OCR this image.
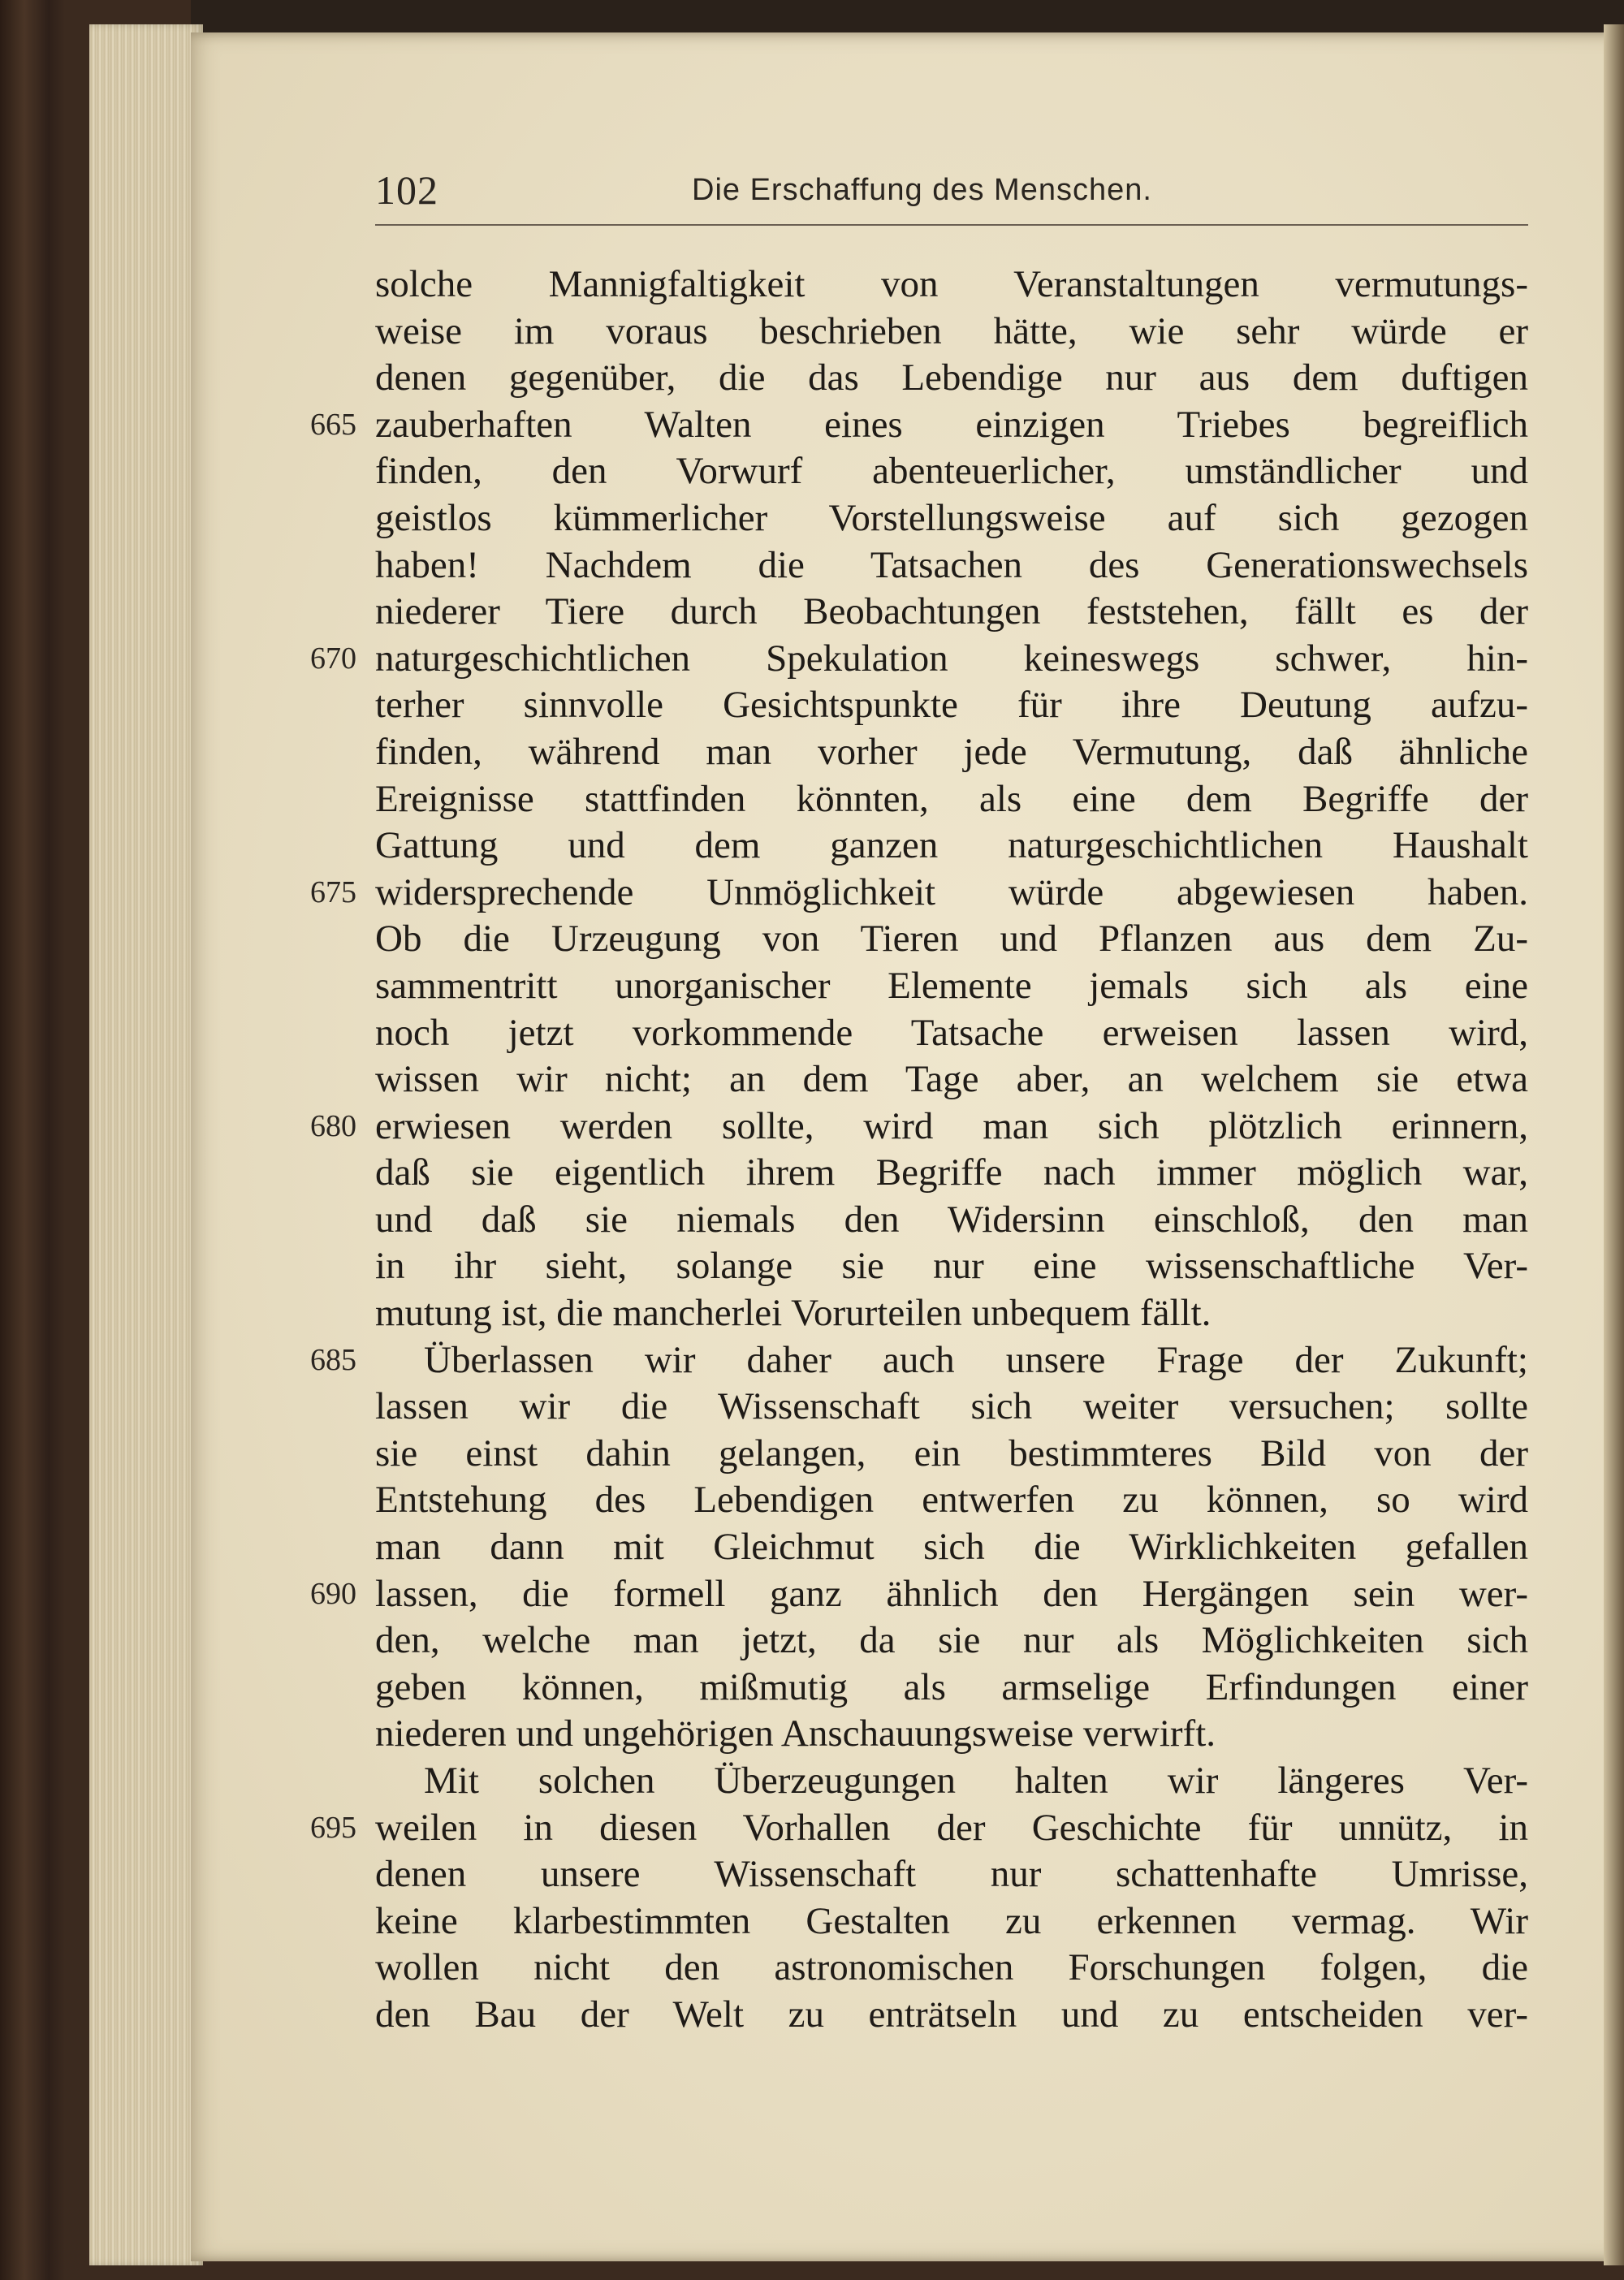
102	Die Erschaffung des Menschen.
solche Mannigfaltigkeit von Veranstaltungen vermutungs-
weise im voraus beschrieben hätte, wie sehr würde er
denen gegenüber, die das Lebendige nur aus dem duftigen
665 zauberhaften Walten eines einzigen Triebes begreiflich
finden, den Vorwurf abenteuerlicher, umständlicher und
geistlos kümmerlicher Vorstellungsweise auf sich gezogen
haben! Nachdem die Tatsachen des Generationswechsels
niederer Tiere durch Beobachtungen feststehen, fällt es der
670 naturgeschichtlichen Spekulation keineswegs schwer, hin-
terher sinnvolle Gesichtspunkte für ihre Deutung aufzu-
finden, während man vorher jede Vermutung, daß ähnliche
Ereignisse stattfinden könnten, als eine dem Begriffe der
Gattung und dem ganzen naturgeschichtlichen Haushalt
675 widersprechende Unmöglichkeit würde abgewiesen haben.
Ob die Urzeugung von Tieren und Pflanzen aus dem Zu-
sammentritt unorganischer Elemente jemals sich als eine
noch jetzt vorkommende Tatsache erweisen lassen wird,
wissen wir nicht; an dem Tage aber, an welchem sie etwa
680 erwiesen werden sollte, wird man sich plötzlich erinnern,
daß sie eigentlich ihrem Begriffe nach immer möglich war,
und daß sie niemals den Widersinn einschloß, den man
in ihr sieht, solange sie nur eine wissenschaftliche Ver-
mutung ist, die mancherlei Vorurteilen unbequem fällt.
685	Überlassen wir daher auch unsere Frage der Zukunft;
lassen wir die Wissenschaft sich weiter versuchen; sollte
sie einst dahin gelangen, ein bestimmteres Bild von der
Entstehung des Lebendigen entwerfen zu können, so wird
man dann mit Gleichmut sich die Wirklichkeiten gefallen
690 lassen, die formell ganz ähnlich den Hergängen sein wer-
den, welche man jetzt, da sie nur als Möglichkeiten sich
geben können, mißmutig als armselige Erfindungen einer
niederen und ungehörigen Anschauungsweise verwirft.
Mit solchen Überzeugungen halten wir längeres Ver-
695 weilen in diesen Vorhallen der Geschichte für unnütz, in
denen unsere Wissenschaft nur schattenhafte Umrisse,
keine klarbestimmten Gestalten zu erkennen vermag. Wir
wollen nicht den astronomischen Forschungen folgen, die
den Bau der Welt zu enträtseln und zu entscheiden ver-
